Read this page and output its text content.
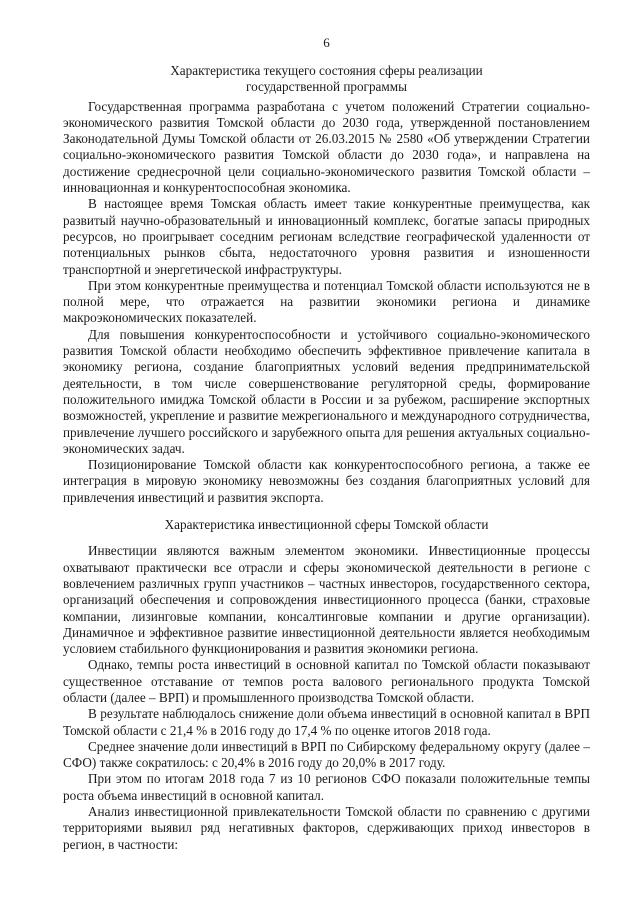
6
Характеристика текущего состояния сферы реализации
государственной программы

Государственная программа разработана с учетом положений Стратегии социально-экономического развития Томской области до 2030 года, утвержденной постановлением Законодательной Думы Томской области от 26.03.2015 № 2580 «Об утверждении Стратегии социально-экономического развития Томской области до 2030 года», и направлена на достижение среднесрочной цели социально-экономического развития Томской области – инновационная и конкурентоспособная экономика.

В настоящее время Томская область имеет такие конкурентные преимущества, как развитый научно-образовательный и инновационный комплекс, богатые запасы природных ресурсов, но проигрывает соседним регионам вследствие географической удаленности от потенциальных рынков сбыта, недостаточного уровня развития и изношенности транспортной и энергетической инфраструктуры.

При этом конкурентные преимущества и потенциал Томской области используются не в полной мере, что отражается на развитии экономики региона и динамике макроэкономических показателей.

Для повышения конкурентоспособности и устойчивого социально-экономического развития Томской области необходимо обеспечить эффективное привлечение капитала в экономику региона, создание благоприятных условий ведения предпринимательской деятельности, в том числе совершенствование регуляторной среды, формирование положительного имиджа Томской области в России и за рубежом, расширение экспортных возможностей, укрепление и развитие межрегионального и международного сотрудничества, привлечение лучшего российского и зарубежного опыта для решения актуальных социально-экономических задач.

Позиционирование Томской области как конкурентоспособного региона, а также ее интеграция в мировую экономику невозможны без создания благоприятных условий для привлечения инвестиций и развития экспорта.

Характеристика инвестиционной сферы Томской области

Инвестиции являются важным элементом экономики. Инвестиционные процессы охватывают практически все отрасли и сферы экономической деятельности в регионе с вовлечением различных групп участников – частных инвесторов, государственного сектора, организаций обеспечения и сопровождения инвестиционного процесса (банки, страховые компании, лизинговые компании, консалтинговые компании и другие организации). Динамичное и эффективное развитие инвестиционной деятельности является необходимым условием стабильного функционирования и развития экономики региона.

Однако, темпы роста инвестиций в основной капитал по Томской области показывают существенное отставание от темпов роста валового регионального продукта Томской области (далее – ВРП) и промышленного производства Томской области.

В результате наблюдалось снижение доли объема инвестиций в основной капитал в ВРП Томской области с 21,4 % в 2016 году до 17,4 % по оценке итогов 2018 года.

Среднее значение доли инвестиций в ВРП по Сибирскому федеральному округу (далее – СФО) также сократилось: с 20,4% в 2016 году до 20,0% в 2017 году.

При этом по итогам 2018 года 7 из 10 регионов СФО показали положительные темпы роста объема инвестиций в основной капитал.

Анализ инвестиционной привлекательности Томской области по сравнению с другими территориями выявил ряд негативных факторов, сдерживающих приход инвесторов в регион, в частности:
